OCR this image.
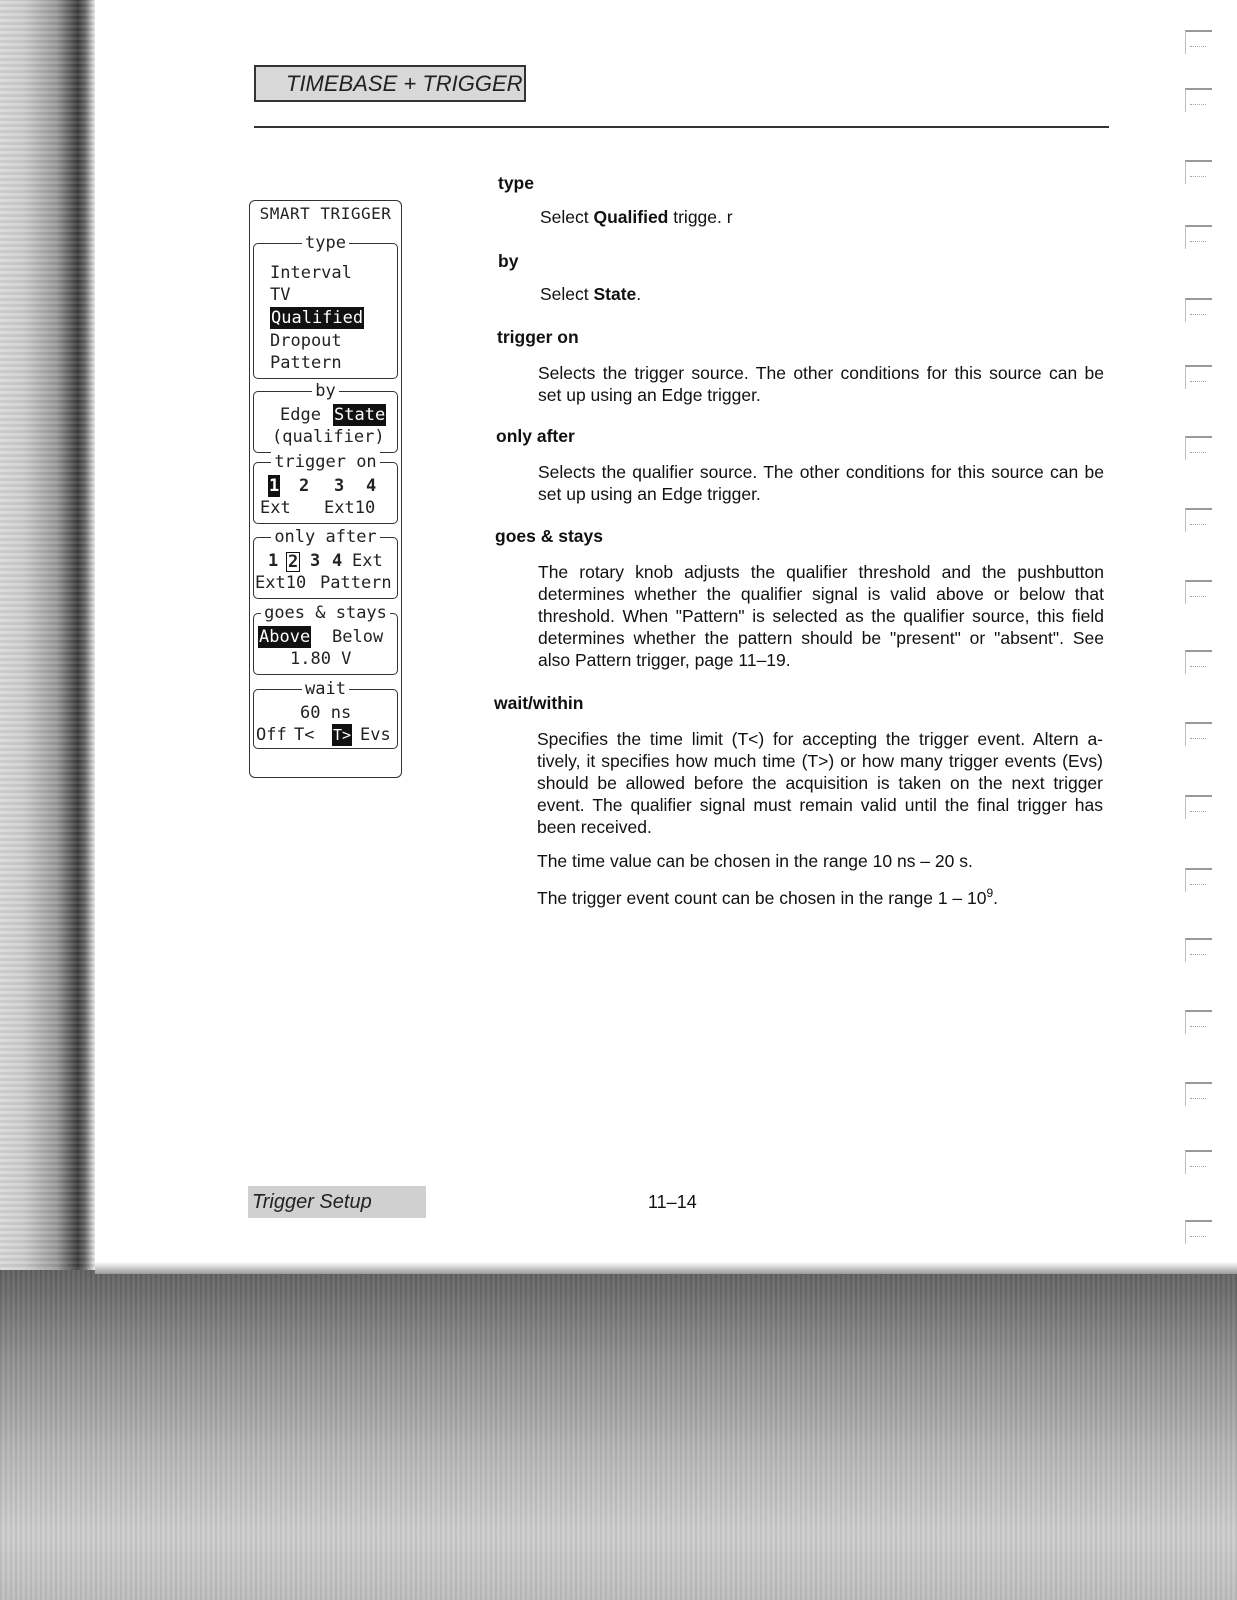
TIMEBASE + TRIGGER
SMART TRIGGER
type
Interval
TV
Qualified
Dropout
Pattern
by
Edge State
(qualifier)
trigger on
1 2 3 4
Ext Ext10
only after
1 2 3 4 Ext
Ext10 Pattern
goes & stays
Above Below
1.80 V
wait
60 ns
Off T< T> Evs
type
Select Qualified trigge. r
by
Select State.
trigger on
Selects the trigger source. The other conditions for this source can be set up using an Edge trigger.
only after
Selects the qualifier source. The other conditions for this source can be set up using an Edge trigger.
goes & stays
The rotary knob adjusts the qualifier threshold and the pushbutton determines whether the qualifier signal is valid above or below that threshold. When "Pattern" is selected as the qualifier source, this field determines whether the pattern should be "present" or "absent". See also Pattern trigger, page 11–19.
wait/within
Specifies the time limit (T<) for accepting the trigger event. Altern a-tively, it specifies how much time (T>) or how many trigger events (Evs) should be allowed before the acquisition is taken on the next trigger event. The qualifier signal must remain valid until the final trigger has been received.
The time value can be chosen in the range 10 ns – 20 s.
The trigger event count can be chosen in the range $1 - 10^9$.
Trigger Setup	11–14
